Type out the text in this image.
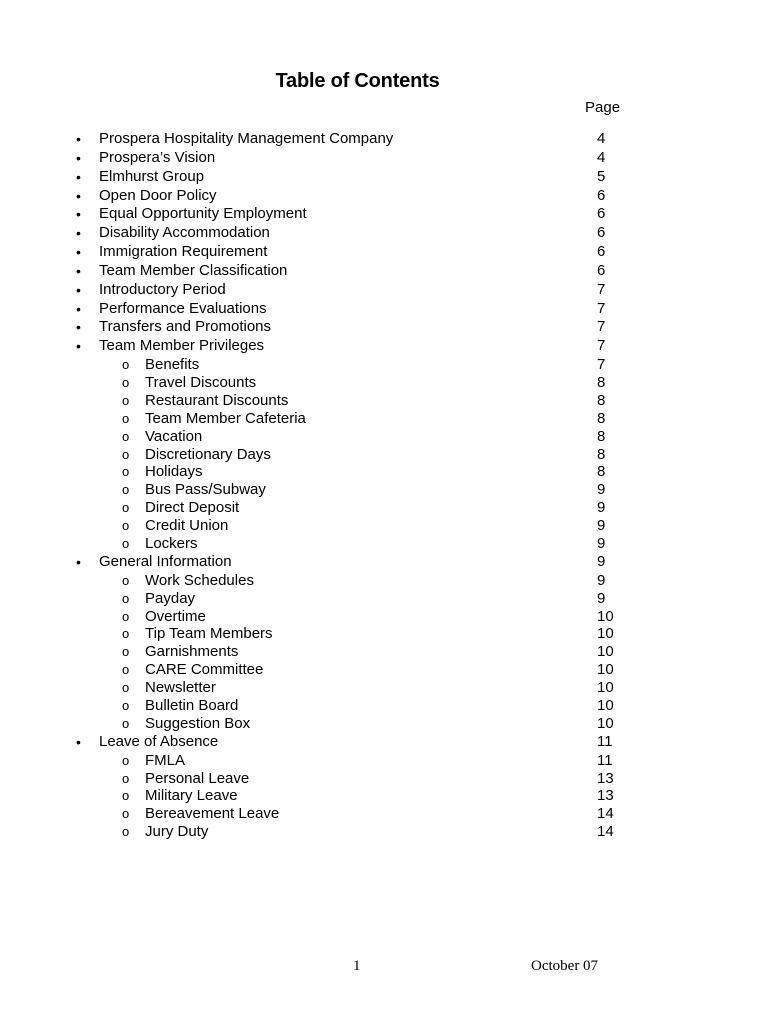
Table of Contents
Page
• Prospera Hospitality Management Company	4
• Prospera’s Vision	4
• Elmhurst Group	5
• Open Door Policy	6
• Equal Opportunity Employment	6
• Disability Accommodation	6
• Immigration Requirement	6
• Team Member Classification	6
• Introductory Period	7
• Performance Evaluations	7
• Transfers and Promotions	7
• Team Member Privileges	7
o Benefits	7
o Travel Discounts	8
o Restaurant Discounts	8
o Team Member Cafeteria	8
o Vacation	8
o Discretionary Days	8
o Holidays	8
o Bus Pass/Subway	9
o Direct Deposit	9
o Credit Union	9
o Lockers	9
• General Information	9
o Work Schedules	9
o Payday	9
o Overtime	10
o Tip Team Members	10
o Garnishments	10
o CARE Committee	10
o Newsletter	10
o Bulletin Board	10
o Suggestion Box	10
• Leave of Absence	11
o FMLA	11
o Personal Leave	13
o Military Leave	13
o Bereavement Leave	14
o Jury Duty	14
1	October 07
